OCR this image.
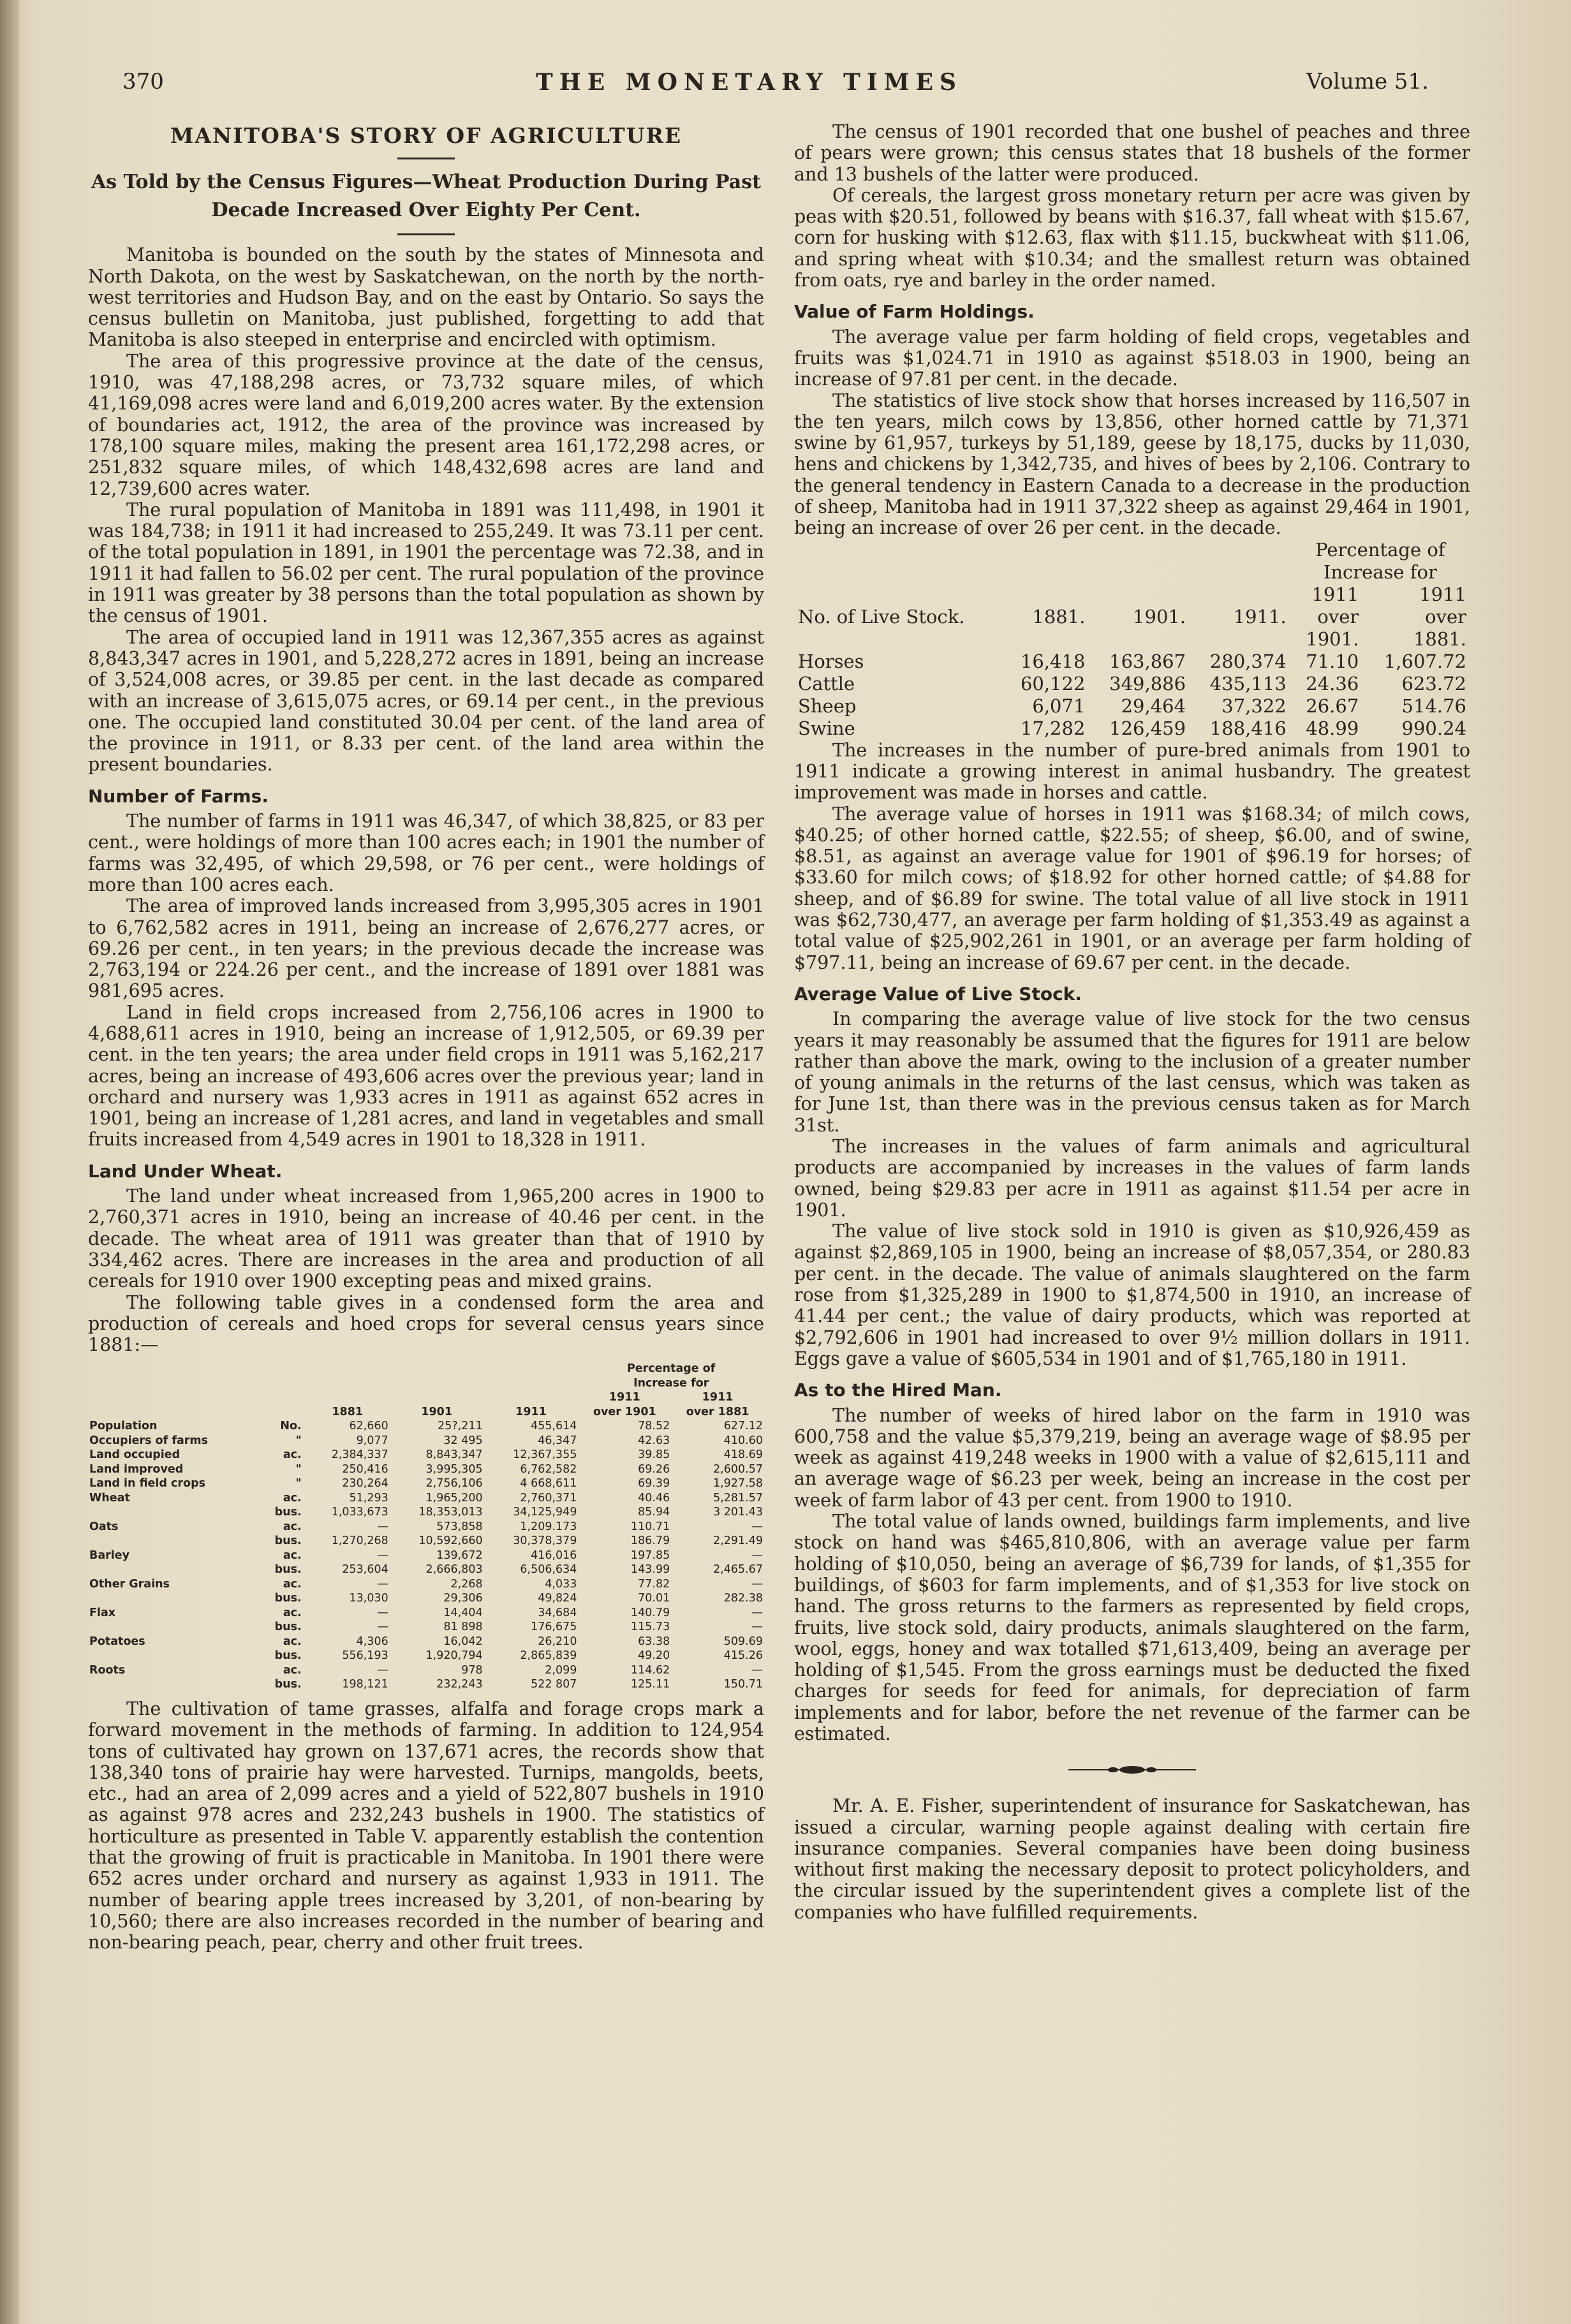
370	THE MONETARY TIMES	Volume 51.
MANITOBA'S STORY OF AGRICULTURE
As Told by the Census Figures—Wheat Production During Past Decade Increased Over Eighty Per Cent.

Manitoba is bounded on the south by the states of Minnesota and North Dakota, on the west by Saskatchewan, on the north by the north-west territories and Hudson Bay, and on the east by Ontario. So says the census bulletin on Manitoba, just published, forgetting to add that Manitoba is also steeped in enterprise and encircled with optimism.

The area of this progressive province at the date of the census, 1910, was 47,188,298 acres, or 73,732 square miles, of which 41,169,098 acres were land and 6,019,200 acres water. By the extension of boundaries act, 1912, the area of the province was increased by 178,100 square miles, making the present area 161,172,298 acres, or 251,832 square miles, of which 148,432,698 acres are land and 12,739,600 acres water.

The rural population of Manitoba in 1891 was 111,498, in 1901 it was 184,738; in 1911 it had increased to 255,249. It was 73.11 per cent. of the total population in 1891, in 1901 the percentage was 72.38, and in 1911 it had fallen to 56.02 per cent. The rural population of the province in 1911 was greater by 38 persons than the total population as shown by the census of 1901.

The area of occupied land in 1911 was 12,367,355 acres as against 8,843,347 acres in 1901, and 5,228,272 acres in 1891, being an increase of 3,524,008 acres, or 39.85 per cent. in the last decade as compared with an increase of 3,615,075 acres, or 69.14 per cent., in the previous one. The occupied land constituted 30.04 per cent. of the land area of the province in 1911, or 8.33 per cent. of the land area within the present boundaries.

Number of Farms.

The number of farms in 1911 was 46,347, of which 38,825, or 83 per cent., were holdings of more than 100 acres each; in 1901 the number of farms was 32,495, of which 29,598, or 76 per cent., were holdings of more than 100 acres each.

The area of improved lands increased from 3,995,305 acres in 1901 to 6,762,582 acres in 1911, being an increase of 2,676,277 acres, or 69.26 per cent., in ten years; in the previous decade the increase was 2,763,194 or 224.26 per cent., and the increase of 1891 over 1881 was 981,695 acres.

Land in field crops increased from 2,756,106 acres in 1900 to 4,688,611 acres in 1910, being an increase of 1,912,505, or 69.39 per cent. in the ten years; the area under field crops in 1911 was 5,162,217 acres, being an increase of 493,606 acres over the previous year; land in orchard and nursery was 1,933 acres in 1911 as against 652 acres in 1901, being an increase of 1,281 acres, and land in vegetables and small fruits increased from 4,549 acres in 1901 to 18,328 in 1911.

Land Under Wheat.

The land under wheat increased from 1,965,200 acres in 1900 to 2,760,371 acres in 1910, being an increase of 40.46 per cent. in the decade. The wheat area of 1911 was greater than that of 1910 by 334,462 acres. There are increases in the area and production of all cereals for 1910 over 1900 excepting peas and mixed grains.

The following table gives in a condensed form the area and production of cereals and hoed crops for several census years since 1881:—

					Percentage of
Increase for	

					1911	1911
		1881	1901	1911	over 1901	over 1881
Population	No.	62,660	25?,211	455,614	78.52	627.12
Occupiers of farms	"	9,077	32 495	46,347	42.63	410.60
Land occupied	ac.	2,384,337	8,843,347	12,367,355	39.85	418.69
Land improved	"	250,416	3,995,305	6,762,582	69.26	2,600.57
Land in field crops	"	230,264	2,756,106	4 668,611	69.39	1,927.58
Wheat	ac.	51,293	1,965,200	2,760,371	40.46	5,281.57
	bus.	1,033,673	18,353,013	34,125,949	85.94	3 201.43
Oats	ac.	—	573,858	1,209.173	110.71	—
	bus.	1,270,268	10,592,660	30,378,379	186.79	2,291.49
Barley	ac.	—	139,672	416,016	197.85	—
	bus.	253,604	2,666,803	6,506,634	143.99	2,465.67
Other Grains	ac.	—	2,268	4,033	77.82	—
	bus.	13,030	29,306	49,824	70.01	282.38
Flax	ac.	—	14,404	34,684	140.79	—
	bus.	—	81 898	176,675	115.73	—
Potatoes	ac.	4,306	16,042	26,210	63.38	509.69
	bus.	556,193	1,920,794	2,865,839	49.20	415.26
Roots	ac.	—	978	2,099	114.62	—
	bus.	198,121	232,243	522 807	125.11	150.71

The cultivation of tame grasses, alfalfa and forage crops mark a forward movement in the methods of farming. In addition to 124,954 tons of cultivated hay grown on 137,671 acres, the records show that 138,340 tons of prairie hay were harvested. Turnips, mangolds, beets, etc., had an area of 2,099 acres and a yield of 522,807 bushels in 1910 as against 978 acres and 232,243 bushels in 1900. The statistics of horticulture as presented in Table V. apparently establish the contention that the growing of fruit is practicable in Manitoba. In 1901 there were 652 acres under orchard and nursery as against 1,933 in 1911. The number of bearing apple trees increased by 3,201, of non-bearing by 10,560; there are also increases recorded in the number of bearing and non-bearing peach, pear, cherry and other fruit trees.

The census of 1901 recorded that one bushel of peaches and three of pears were grown; this census states that 18 bushels of the former and 13 bushels of the latter were produced.

Of cereals, the largest gross monetary return per acre was given by peas with $20.51, followed by beans with $16.37, fall wheat with $15.67, corn for husking with $12.63, flax with $11.15, buckwheat with $11.06, and spring wheat with $10.34; and the smallest return was obtained from oats, rye and barley in the order named.

Value of Farm Holdings.

The average value per farm holding of field crops, vegetables and fruits was $1,024.71 in 1910 as against $518.03 in 1900, being an increase of 97.81 per cent. in the decade.

The statistics of live stock show that horses increased by 116,507 in the ten years, milch cows by 13,856, other horned cattle by 71,371 swine by 61,957, turkeys by 51,189, geese by 18,175, ducks by 11,030, hens and chickens by 1,342,735, and hives of bees by 2,106. Contrary to the general tendency in Eastern Canada to a decrease in the production of sheep, Manitoba had in 1911 37,322 sheep as against 29,464 in 1901, being an increase of over 26 per cent. in the decade.

				Percentage of	
				Increase for	
				1911	1911
No. of Live Stock.	1881.	1901.	1911.	over	over
				1901.	1881.
Horses	16,418	163,867	280,374	71.10	1,607.72
Cattle	60,122	349,886	435,113	24.36	623.72
Sheep	6,071	29,464	37,322	26.67	514.76
Swine	17,282	126,459	188,416	48.99	990.24

The increases in the number of pure-bred animals from 1901 to 1911 indicate a growing interest in animal husbandry. The greatest improvement was made in horses and cattle.

The average value of horses in 1911 was $168.34; of milch cows, $40.25; of other horned cattle, $22.55; of sheep, $6.00, and of swine, $8.51, as against an average value for 1901 of $96.19 for horses; of $33.60 for milch cows; of $18.92 for other horned cattle; of $4.88 for sheep, and of $6.89 for swine. The total value of all live stock in 1911 was $62,730,477, an average per farm holding of $1,353.49 as against a total value of $25,902,261 in 1901, or an average per farm holding of $797.11, being an increase of 69.67 per cent. in the decade.

Average Value of Live Stock.

In comparing the average value of live stock for the two census years it may reasonably be assumed that the figures for 1911 are below rather than above the mark, owing to the inclusion of a greater number of young animals in the returns of the last census, which was taken as for June 1st, than there was in the previous census taken as for March 31st.

The increases in the values of farm animals and agricultural products are accompanied by increases in the values of farm lands owned, being $29.83 per acre in 1911 as against $11.54 per acre in 1901.

The value of live stock sold in 1910 is given as $10,926,459 as against $2,869,105 in 1900, being an increase of $8,057,354, or 280.83 per cent. in the decade. The value of animals slaughtered on the farm rose from $1,325,289 in 1900 to $1,874,500 in 1910, an increase of 41.44 per cent.; the value of dairy products, which was reported at $2,792,606 in 1901 had increased to over 9½ million dollars in 1911. Eggs gave a value of $605,534 in 1901 and of $1,765,180 in 1911.

As to the Hired Man.

The number of weeks of hired labor on the farm in 1910 was 600,758 and the value $5,379,219, being an average wage of $8.95 per week as against 419,248 weeks in 1900 with a value of $2,615,111 and an average wage of $6.23 per week, being an increase in the cost per week of farm labor of 43 per cent. from 1900 to 1910.

The total value of lands owned, buildings farm implements, and live stock on hand was $465,810,806, with an average value per farm holding of $10,050, being an average of $6,739 for lands, of $1,355 for buildings, of $603 for farm implements, and of $1,353 for live stock on hand. The gross returns to the farmers as represented by field crops, fruits, live stock sold, dairy products, animals slaughtered on the farm, wool, eggs, honey and wax totalled $71,613,409, being an average per holding of $1,545. From the gross earnings must be deducted the fixed charges for seeds for feed for animals, for depreciation of farm implements and for labor, before the net revenue of the farmer can be estimated.

Mr. A. E. Fisher, superintendent of insurance for Saskatchewan, has issued a circular, warning people against dealing with certain fire insurance companies. Several companies have been doing business without first making the necessary deposit to protect policyholders, and the circular issued by the superintendent gives a complete list of the companies who have fulfilled requirements.
